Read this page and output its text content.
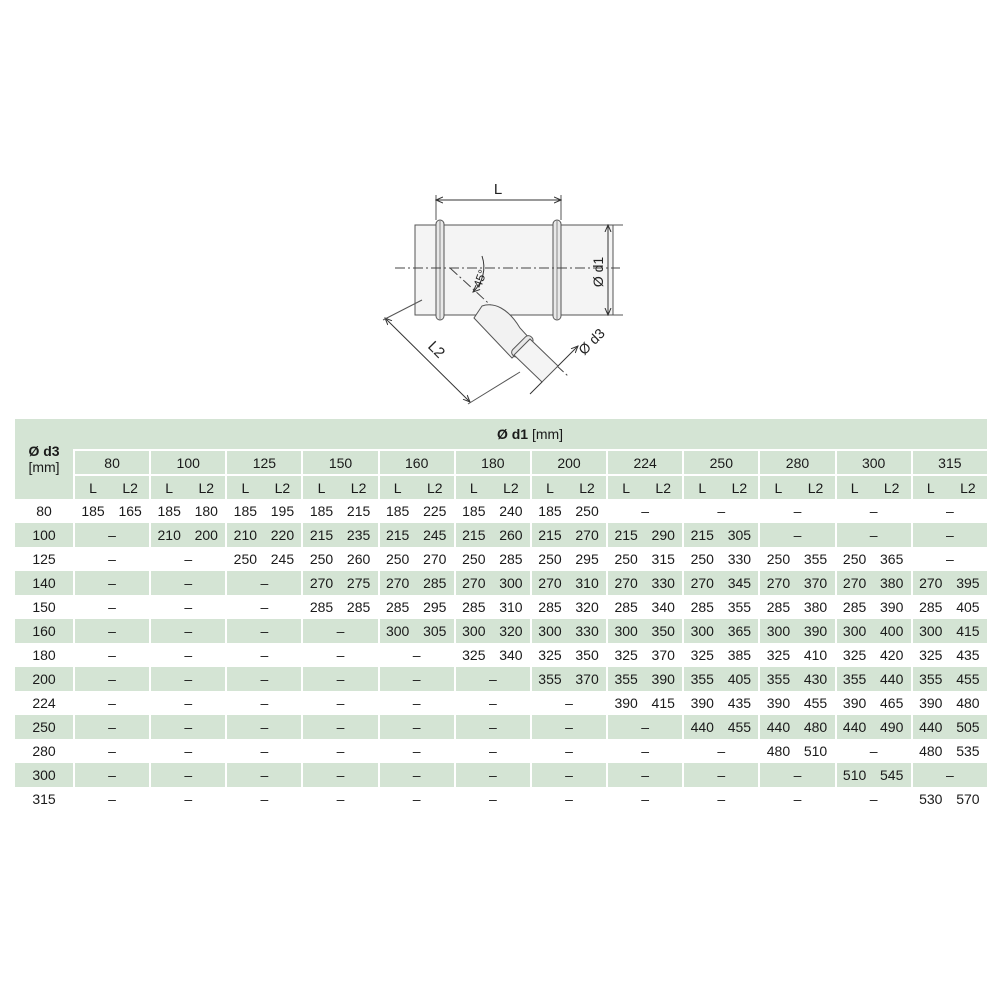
L
Ø d1
45°
L2	Ø d3
Ø d3
[mm]	Ø d1 [mm]																							
	80		100		125		150		160		180		200		224		250		280		300		315	
	L	L2	L	L2	L	L2	L	L2	L	L2	L	L2	L	L2	L	L2	L	L2	L	L2	L	L2	L	L2
80	185	165	185	180	185	195	185	215	185	225	185	240	185	250	–		–		–		–		–	
100	–		210	200	210	220	215	235	215	245	215	260	215	270	215	290	215	305	–		–		–	
125	–		–		250	245	250	260	250	270	250	285	250	295	250	315	250	330	250	355	250	365	–	
140	–		–		–		270	275	270	285	270	300	270	310	270	330	270	345	270	370	270	380	270	395
150	–		–		–		285	285	285	295	285	310	285	320	285	340	285	355	285	380	285	390	285	405
160	–		–		–		–		300	305	300	320	300	330	300	350	300	365	300	390	300	400	300	415
180	–		–		–		–		–		325	340	325	350	325	370	325	385	325	410	325	420	325	435
200	–		–		–		–		–		–		355	370	355	390	355	405	355	430	355	440	355	455
224	–		–		–		–		–		–		–		390	415	390	435	390	455	390	465	390	480
250	–		–		–		–		–		–		–		–		440	455	440	480	440	490	440	505
280	–		–		–		–		–		–		–		–		–		480	510	–		480	535
300	–		–		–		–		–		–		–		–		–		–		510	545	–	
315	–		–		–		–		–		–		–		–		–		–		–		530	570
